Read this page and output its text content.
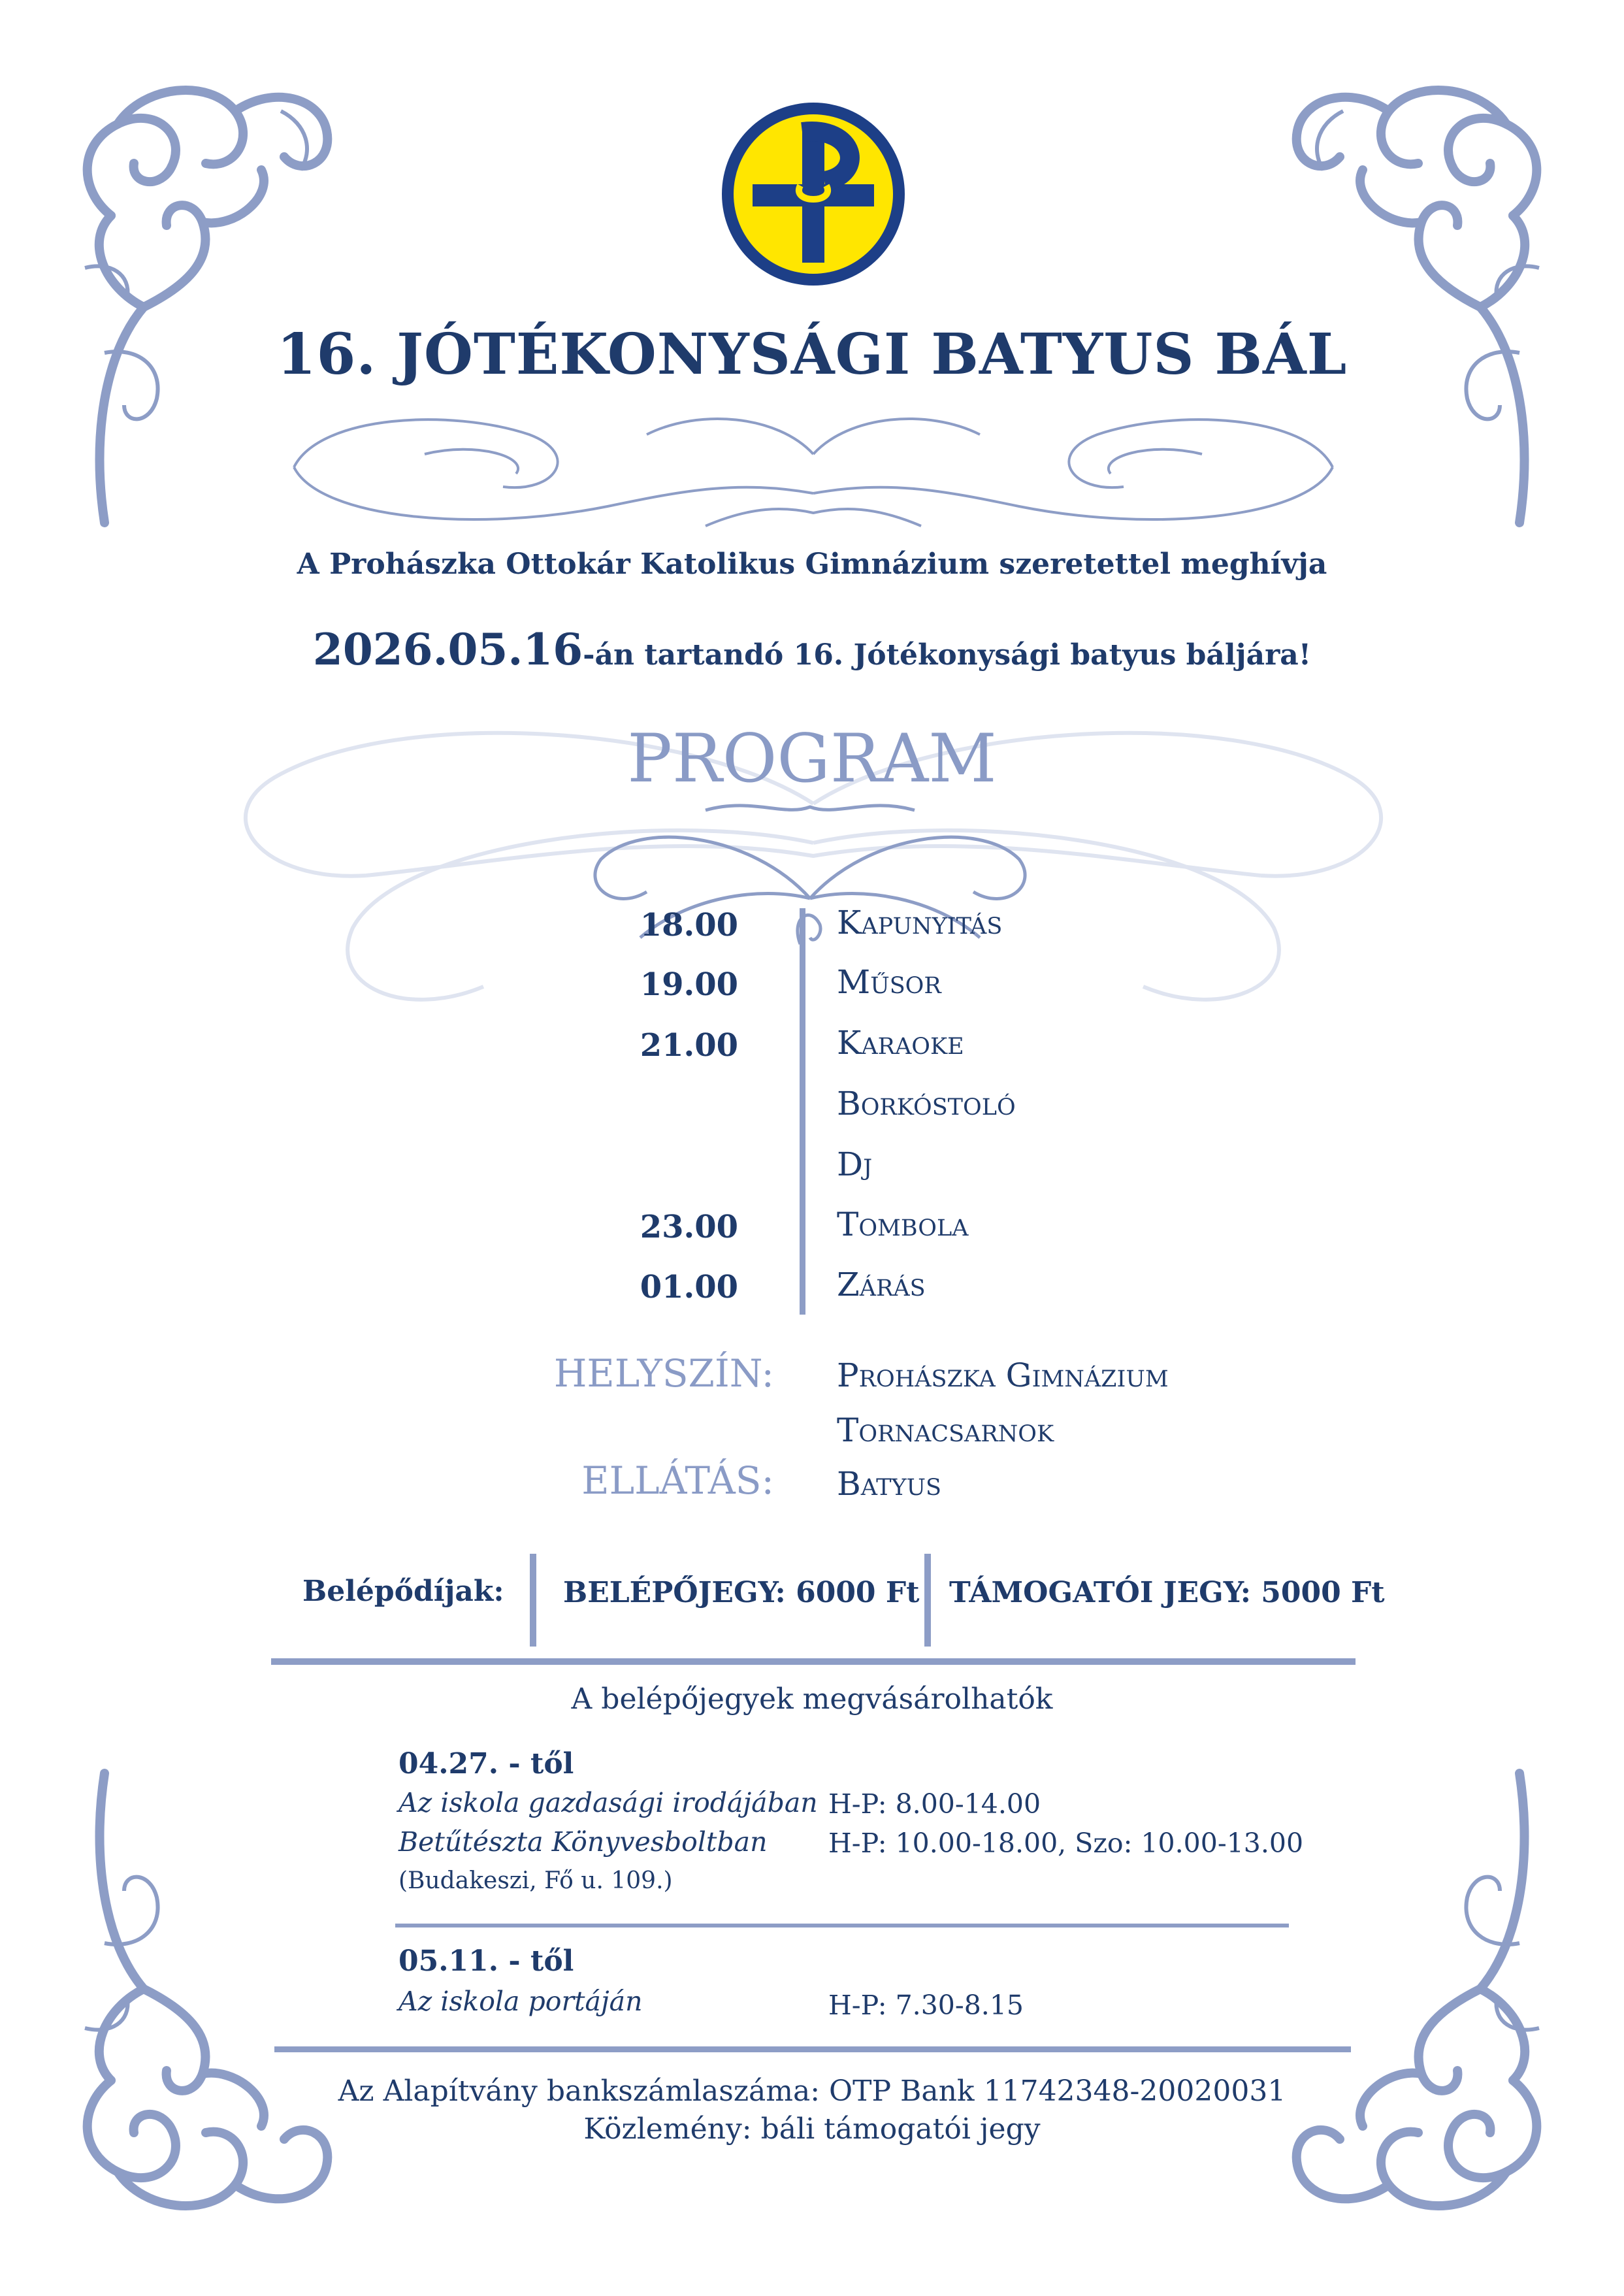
16. JÓTÉKONYSÁGI BATYUS BÁL
A Prohászka Ottokár Katolikus Gimnázium szeretettel meghívja
2026.05.16-án tartandó 16. Jótékonysági batyus báljára!
PROGRAM
18.00	Kapunyitás
19.00	Műsor
21.00	Karaoke
Borkóstoló
Dj
23.00	Tombola
01.00	Zárás
HELYSZÍN: Prohászka Gimnázium
Tornacsarnok
ELLÁTÁS: Batyus
Belépődíjak: BELÉPŐJEGY: 6000 Ft TÁMOGATÓI JEGY: 5000 Ft
A belépőjegyek megvásárolhatók
04.27. - től
Az iskola gazdasági irodájában H-P: 8.00-14.00
Betűtészta Könyvesboltban H-P: 10.00-18.00, Szo: 10.00-13.00
(Budakeszi, Fő u. 109.)
05.11. - től
Az iskola portáján	H-P: 7.30-8.15
Az Alapítvány bankszámlaszáma: OTP Bank 11742348-20020031
Közlemény: báli támogatói jegy
